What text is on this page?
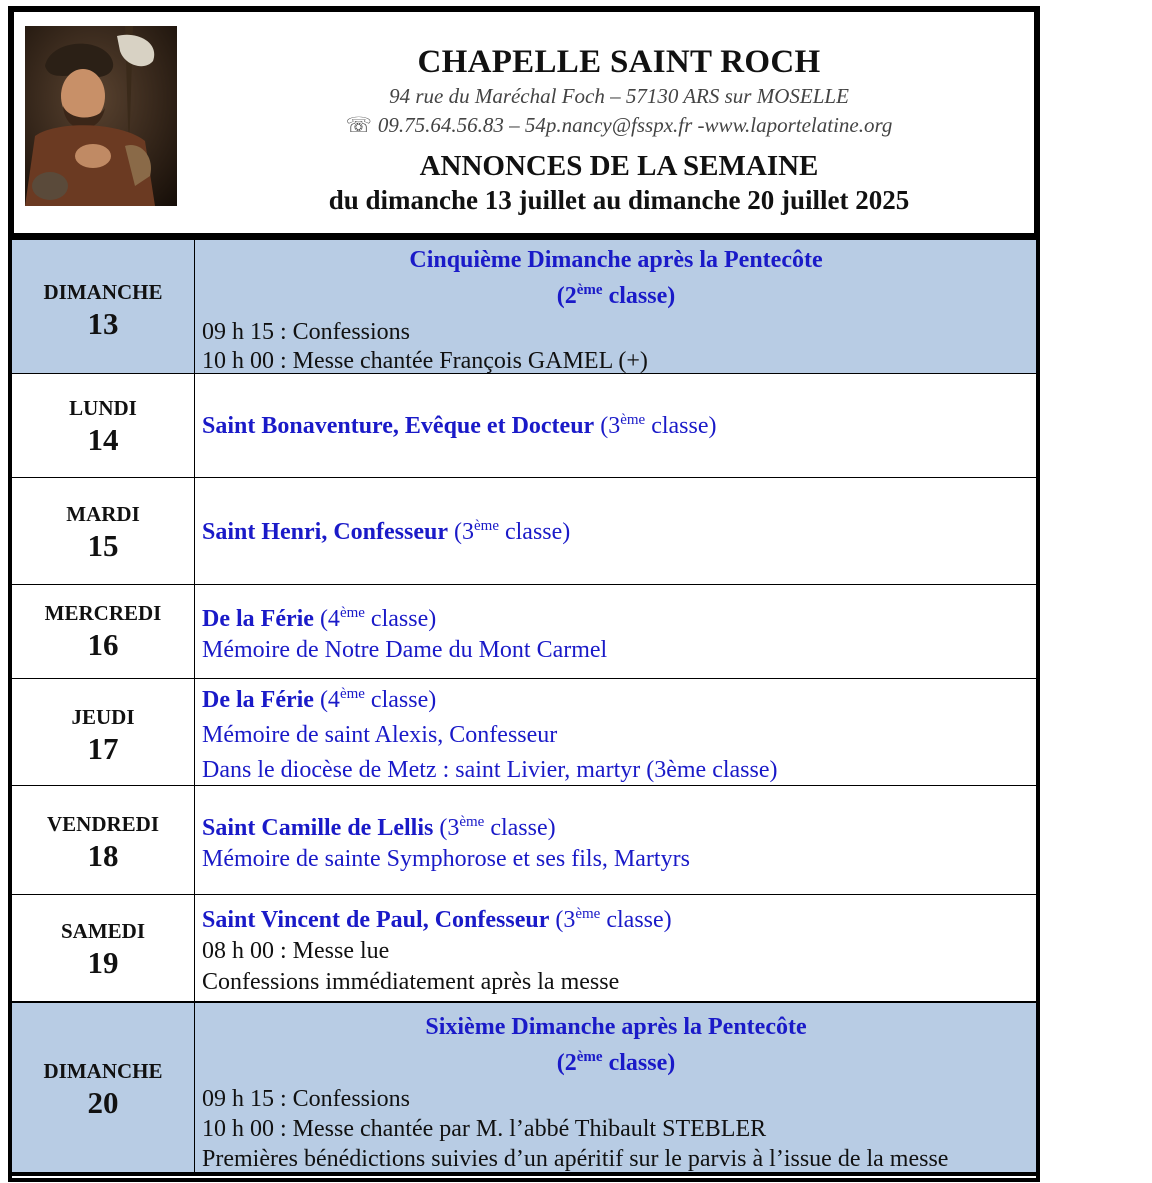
CHAPELLE SAINT ROCH
94 rue du Maréchal Foch – 57130 ARS sur MOSELLE
☏ 09.75.64.56.83 – 54p.nancy@fsspx.fr -www.laportelatine.org
ANNONCES DE LA SEMAINE
du dimanche 13 juillet au dimanche 20 juillet 2025
DIMANCHE
13
Cinquième Dimanche après la Pentecôte
(2ème classe)
09 h 15 : Confessions
10 h 00 : Messe chantée François GAMEL (+)
LUNDI
14	Saint Bonaventure, Evêque et Docteur (3ème classe)
MARDI
15	Saint Henri, Confesseur (3ème classe)
MERCREDI
16
De la Férie (4ème classe)
Mémoire de Notre Dame du Mont Carmel
JEUDI
17
De la Férie (4ème classe)
Mémoire de saint Alexis, Confesseur
Dans le diocèse de Metz : saint Livier, martyr (3ème classe)
VENDREDI
18
Saint Camille de Lellis (3ème classe)
Mémoire de sainte Symphorose et ses fils, Martyrs
SAMEDI
19
Saint Vincent de Paul, Confesseur (3ème classe)
08 h 00 : Messe lue
Confessions immédiatement après la messe
DIMANCHE
20
Sixième Dimanche après la Pentecôte
(2ème classe)
09 h 15 : Confessions
10 h 00 : Messe chantée par M. l’abbé Thibault STEBLER
Premières bénédictions suivies d’un apéritif sur le parvis à l’issue de la messe
